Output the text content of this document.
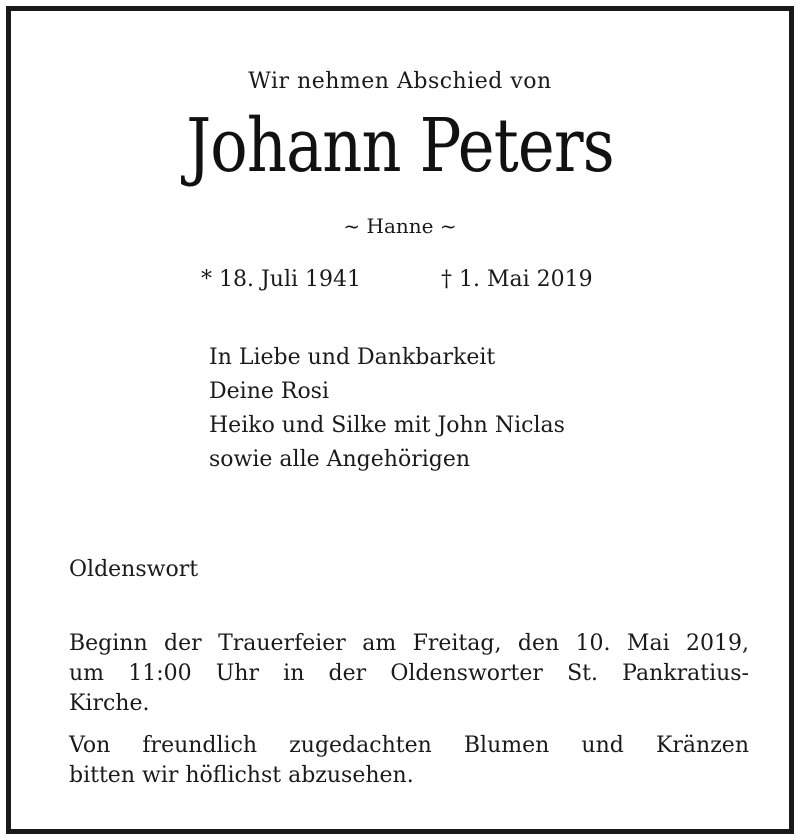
Wir nehmen Abschied von
Johann Peters
~ Hanne ~
* 18. Juli 1941	† 1. Mai 2019
In Liebe und Dankbarkeit
Deine Rosi
Heiko und Silke mit John Niclas
sowie alle Angehörigen
Oldenswort

Beginn der Trauerfeier am Freitag, den 10. Mai 2019,

um 11:00 Uhr in der Oldensworter St. Pankratius-

Kirche.

Von freundlich zugedachten Blumen und Kränzen

bitten wir höflichst abzusehen.
